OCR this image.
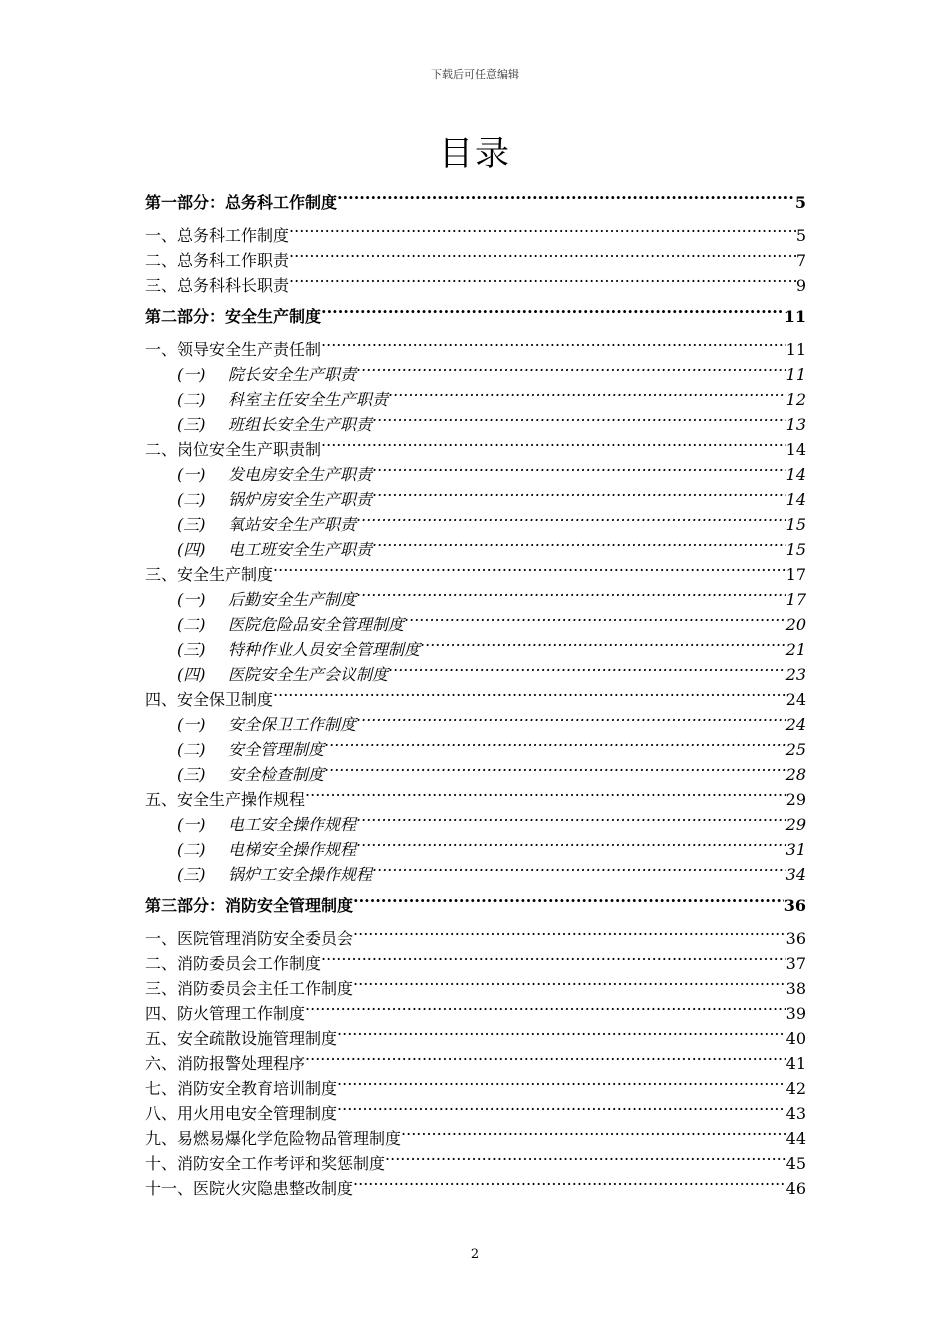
下载后可任意编辑
目录
第一部分：总务科工作制度 .....	5
一、总务科工作制度 .....	5
二、总务科工作职责 .....	7
三、总务科科长职责 .....	9
第二部分：安全生产制度 .....	11
一、领导安全生产责任制 .....	11
(一) 院长安全生产职责 .....	11
(二) 科室主任安全生产职责 .....	12
(三) 班组长安全生产职责 .....	13
二、岗位安全生产职责制 .....	14
(一) 发电房安全生产职责 .....	14
(二) 锅炉房安全生产职责 .....	14
(三) 氧站安全生产职责 .....	15
(四) 电工班安全生产职责 .....	15
三、安全生产制度 .....	17
(一) 后勤安全生产制度 .....	17
(二) 医院危险品安全管理制度 .....	20
(三) 特种作业人员安全管理制度 .....	21
(四) 医院安全生产会议制度 .....	23
四、安全保卫制度 .....	24
(一) 安全保卫工作制度 .....	24
(二) 安全管理制度 .....	25
(三) 安全检查制度 .....	28
五、安全生产操作规程 .....	29
(一) 电工安全操作规程 .....	29
(二) 电梯安全操作规程 .....	31
(三) 锅炉工安全操作规程 .....	34
第三部分：消防安全管理制度 .....	36
一、医院管理消防安全委员会 .....	36
二、消防委员会工作制度 .....	37
三、消防委员会主任工作制度 .....	38
四、防火管理工作制度 .....	39
五、安全疏散设施管理制度 .....	40
六、消防报警处理程序 .....	41
七、消防安全教育培训制度 .....	42
八、用火用电安全管理制度 .....	43
九、易燃易爆化学危险物品管理制度 .....	44
十、消防安全工作考评和奖惩制度 .....	45
十一、医院火灾隐患整改制度 .....	46
2
